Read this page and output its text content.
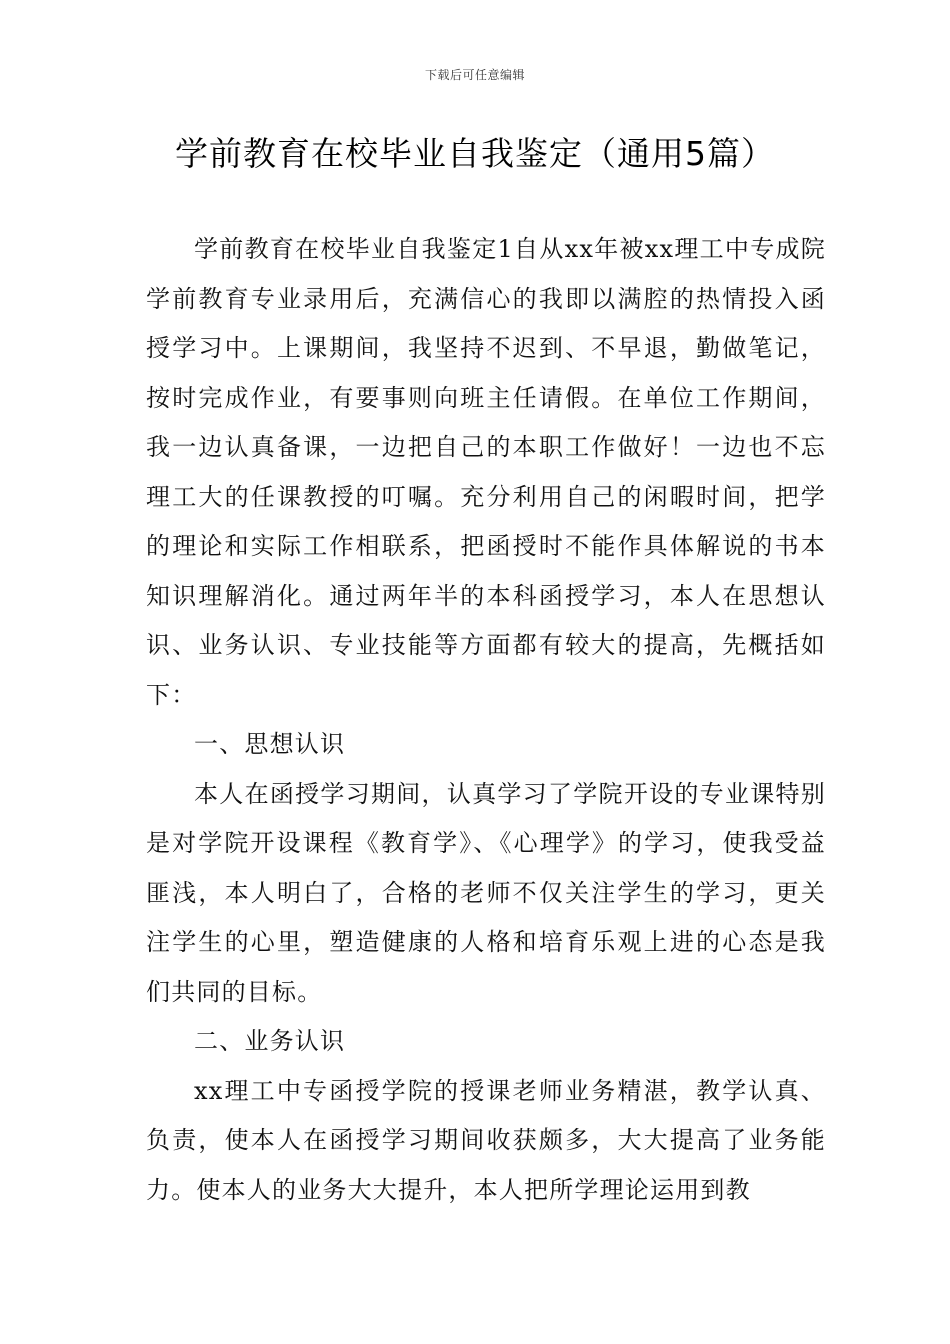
下载后可任意编辑
学前教育在校毕业自我鉴定（通用5篇）

学前教育在校毕业自我鉴定1自从xx年被xx理工中专成院学前教育专业录用后，充满信心的我即以满腔的热情投入函授学习中。上课期间，我坚持不迟到、不早退，勤做笔记，按时完成作业，有要事则向班主任请假。在单位工作期间，我一边认真备课，一边把自己的本职工作做好！一边也不忘理工大的任课教授的叮嘱。充分利用自己的闲暇时间，把学的理论和实际工作相联系，把函授时不能作具体解说的书本知识理解消化。通过两年半的本科函授学习，本人在思想认识、业务认识、专业技能等方面都有较大的提高，先概括如下：

一、思想认识

本人在函授学习期间，认真学习了学院开设的专业课特别是对学院开设课程《教育学》、《心理学》的学习，使我受益匪浅，本人明白了，合格的老师不仅关注学生的学习，更关注学生的心里，塑造健康的人格和培育乐观上进的心态是我们共同的目标。

二、业务认识

xx理工中专函授学院的授课老师业务精湛，教学认真、负责，使本人在函授学习期间收获颇多，大大提高了业务能力。使本人的业务大大提升，本人把所学理论运用到教
